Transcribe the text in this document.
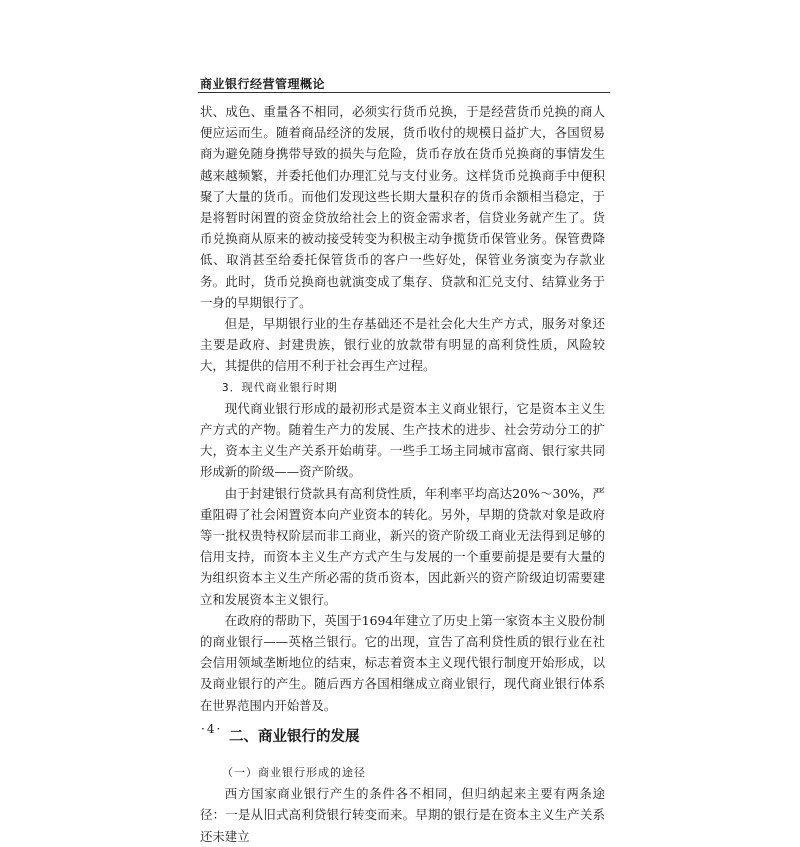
商业银行经营管理概论

状、成色、重量各不相同，必须实行货币兑换，于是经营货币兑换的商人便应运而生。随着商品经济的发展，货币收付的规模日益扩大，各国贸易商为避免随身携带导致的损失与危险，货币存放在货币兑换商的事情发生越来越频繁，并委托他们办理汇兑与支付业务。这样货币兑换商手中便积聚了大量的货币。而他们发现这些长期大量积存的货币余额相当稳定，于是将暂时闲置的资金贷放给社会上的资金需求者，信贷业务就产生了。货币兑换商从原来的被动接受转变为积极主动争揽货币保管业务。保管费降低、取消甚至给委托保管货币的客户一些好处，保管业务演变为存款业务。此时，货币兑换商也就演变成了集存、贷款和汇兑支付、结算业务于一身的早期银行了。

但是，早期银行业的生存基础还不是社会化大生产方式，服务对象还主要是政府、封建贵族，银行业的放款带有明显的高利贷性质，风险较大，其提供的信用不利于社会再生产过程。

3．现代商业银行时期

现代商业银行形成的最初形式是资本主义商业银行，它是资本主义生产方式的产物。随着生产力的发展、生产技术的进步、社会劳动分工的扩大，资本主义生产关系开始萌芽。一些手工场主同城市富商、银行家共同形成新的阶级——资产阶级。

由于封建银行贷款具有高利贷性质，年利率平均高达20%～30%，严重阻碍了社会闲置资本向产业资本的转化。另外，早期的贷款对象是政府等一批权贵特权阶层而非工商业，新兴的资产阶级工商业无法得到足够的信用支持，而资本主义生产方式产生与发展的一个重要前提是要有大量的为组织资本主义生产所必需的货币资本，因此新兴的资产阶级迫切需要建立和发展资本主义银行。

在政府的帮助下，英国于1694年建立了历史上第一家资本主义股份制的商业银行——英格兰银行。它的出现，宣告了高利贷性质的银行业在社会信用领域垄断地位的结束，标志着资本主义现代银行制度开始形成，以及商业银行的产生。随后西方各国相继成立商业银行，现代商业银行体系在世界范围内开始普及。

二、商业银行的发展

（一）商业银行形成的途径

西方国家商业银行产生的条件各不相同，但归纳起来主要有两条途径：一是从旧式高利贷银行转变而来。早期的银行是在资本主义生产关系还未建立

·4·
